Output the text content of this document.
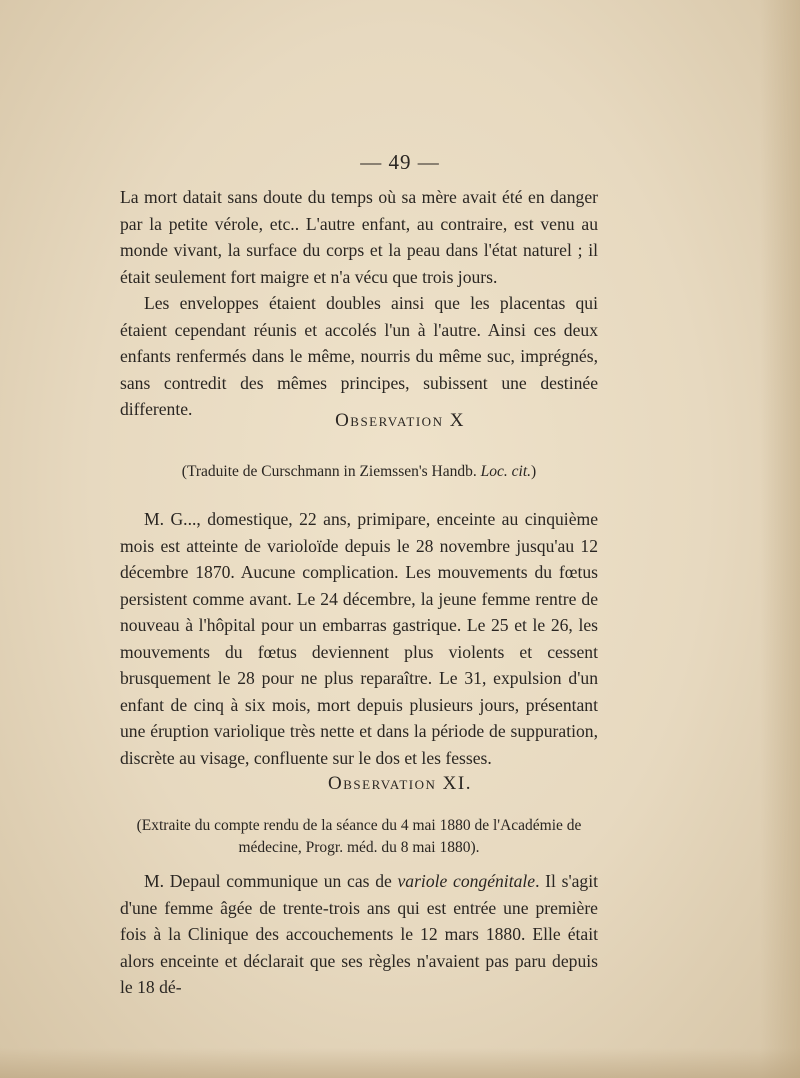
— 49 —

La mort datait sans doute du temps où sa mère avait été en danger par la petite vérole, etc.. L'autre enfant, au contraire, est venu au monde vivant, la surface du corps et la peau dans l'état naturel ; il était seulement fort maigre et n'a vécu que trois jours.

Les enveloppes étaient doubles ainsi que les placentas qui étaient cependant réunis et accolés l'un à l'autre. Ainsi ces deux enfants renfermés dans le même, nourris du même suc, imprégnés, sans contredit des mêmes principes, subissent une destinée differente.

Observation X
(Traduite de Curschmann in Ziemssen's Handb. Loc. cit.)

M. G..., domestique, 22 ans, primipare, enceinte au cinquième mois est atteinte de varioloïde depuis le 28 novembre jusqu'au 12 décembre 1870. Aucune complication. Les mouvements du fœtus persistent comme avant. Le 24 décembre, la jeune femme rentre de nouveau à l'hôpital pour un embarras gastrique. Le 25 et le 26, les mouvements du fœtus deviennent plus violents et cessent brusquement le 28 pour ne plus reparaître. Le 31, expulsion d'un enfant de cinq à six mois, mort depuis plusieurs jours, présentant une éruption variolique très nette et dans la période de suppuration, discrète au visage, confluente sur le dos et les fesses.

Observation XI.
(Extraite du compte rendu de la séance du 4 mai 1880 de l'Académie de
médecine, Progr. méd. du 8 mai 1880).

M. Depaul communique un cas de variole congénitale. Il s'agit d'une femme âgée de trente-trois ans qui est entrée une première fois à la Clinique des accouchements le 12 mars 1880. Elle était alors enceinte et déclarait que ses règles n'avaient pas paru depuis le 18 dé-
